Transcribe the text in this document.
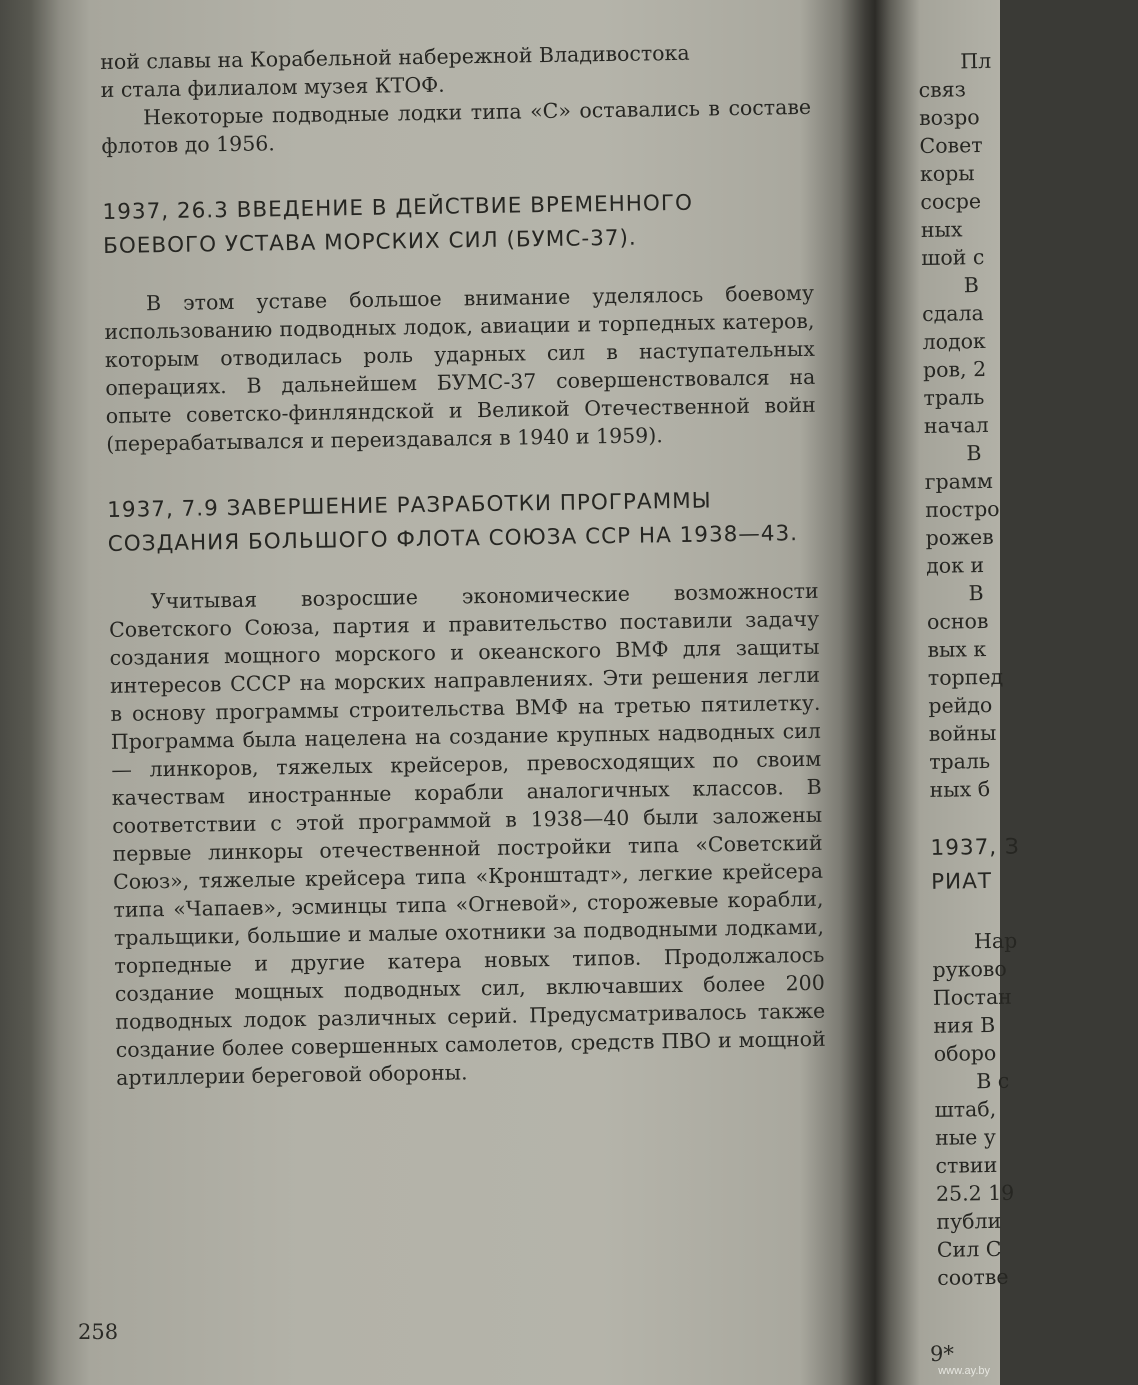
ной славы на Корабельной набережной Владивостока

и стала филиалом музея КТОФ.

Некоторые подводные лодки типа «С» оставались в составе флотов до 1956.

1937, 26.3 ВВЕДЕНИЕ В ДЕЙСТВИЕ ВРЕМЕННОГО БОЕВОГО УСТАВА МОРСКИХ СИЛ (БУМС-37).

В этом уставе большое внимание уделялось боевому использованию подводных лодок, авиации и торпедных катеров, которым отводилась роль ударных сил в наступательных операциях. В дальнейшем БУМС-37 совершенствовался на опыте советско-финляндской и Великой Отечественной войн (перерабатывался и переиздавался в 1940 и 1959).

1937, 7.9 ЗАВЕРШЕНИЕ РАЗРАБОТКИ ПРОГРАММЫ СОЗДАНИЯ БОЛЬШОГО ФЛОТА СОЮЗА ССР НА 1938—43.

Учитывая возросшие экономические возможности Советского Союза, партия и правительство поставили задачу создания мощного морского и океанского ВМФ для защиты интересов СССР на морских направлениях. Эти решения легли в основу программы строительства ВМФ на третью пятилетку. Программа была нацелена на создание крупных надводных сил — линкоров, тяжелых крейсеров, превосходящих по своим качествам иностранные корабли аналогичных классов. В соответствии с этой программой в 1938—40 были заложены первые линкоры отечественной постройки типа «Советский Союз», тяжелые крейсера типа «Кронштадт», легкие крейсера типа «Чапаев», эсминцы типа «Огневой», сторожевые корабли, тральщики, большие и малые охотники за подводными лодками, торпедные и другие катера новых типов. Продолжалось создание мощных подводных сил, включавших более 200 подводных лодок различных серий. Предусматривалось также создание более совершенных самолетов, средств ПВО и мощной артиллерии береговой обороны.

258

Пл

связ

возро

Совет

коры

сосре

ных

шой с

В

сдала

лодок

ров, 2

траль

начал

В

грамм

постро

рожев

док и

В

основ

вых к

торпед

рейдо

войны

траль

ных б

1937, З

РИАТ

Нар

руково

Постан

ния В

оборо

В с

штаб,

ные у

ствии

25.2 19

публи

Сил С

соотве

9*
www.ay.by
